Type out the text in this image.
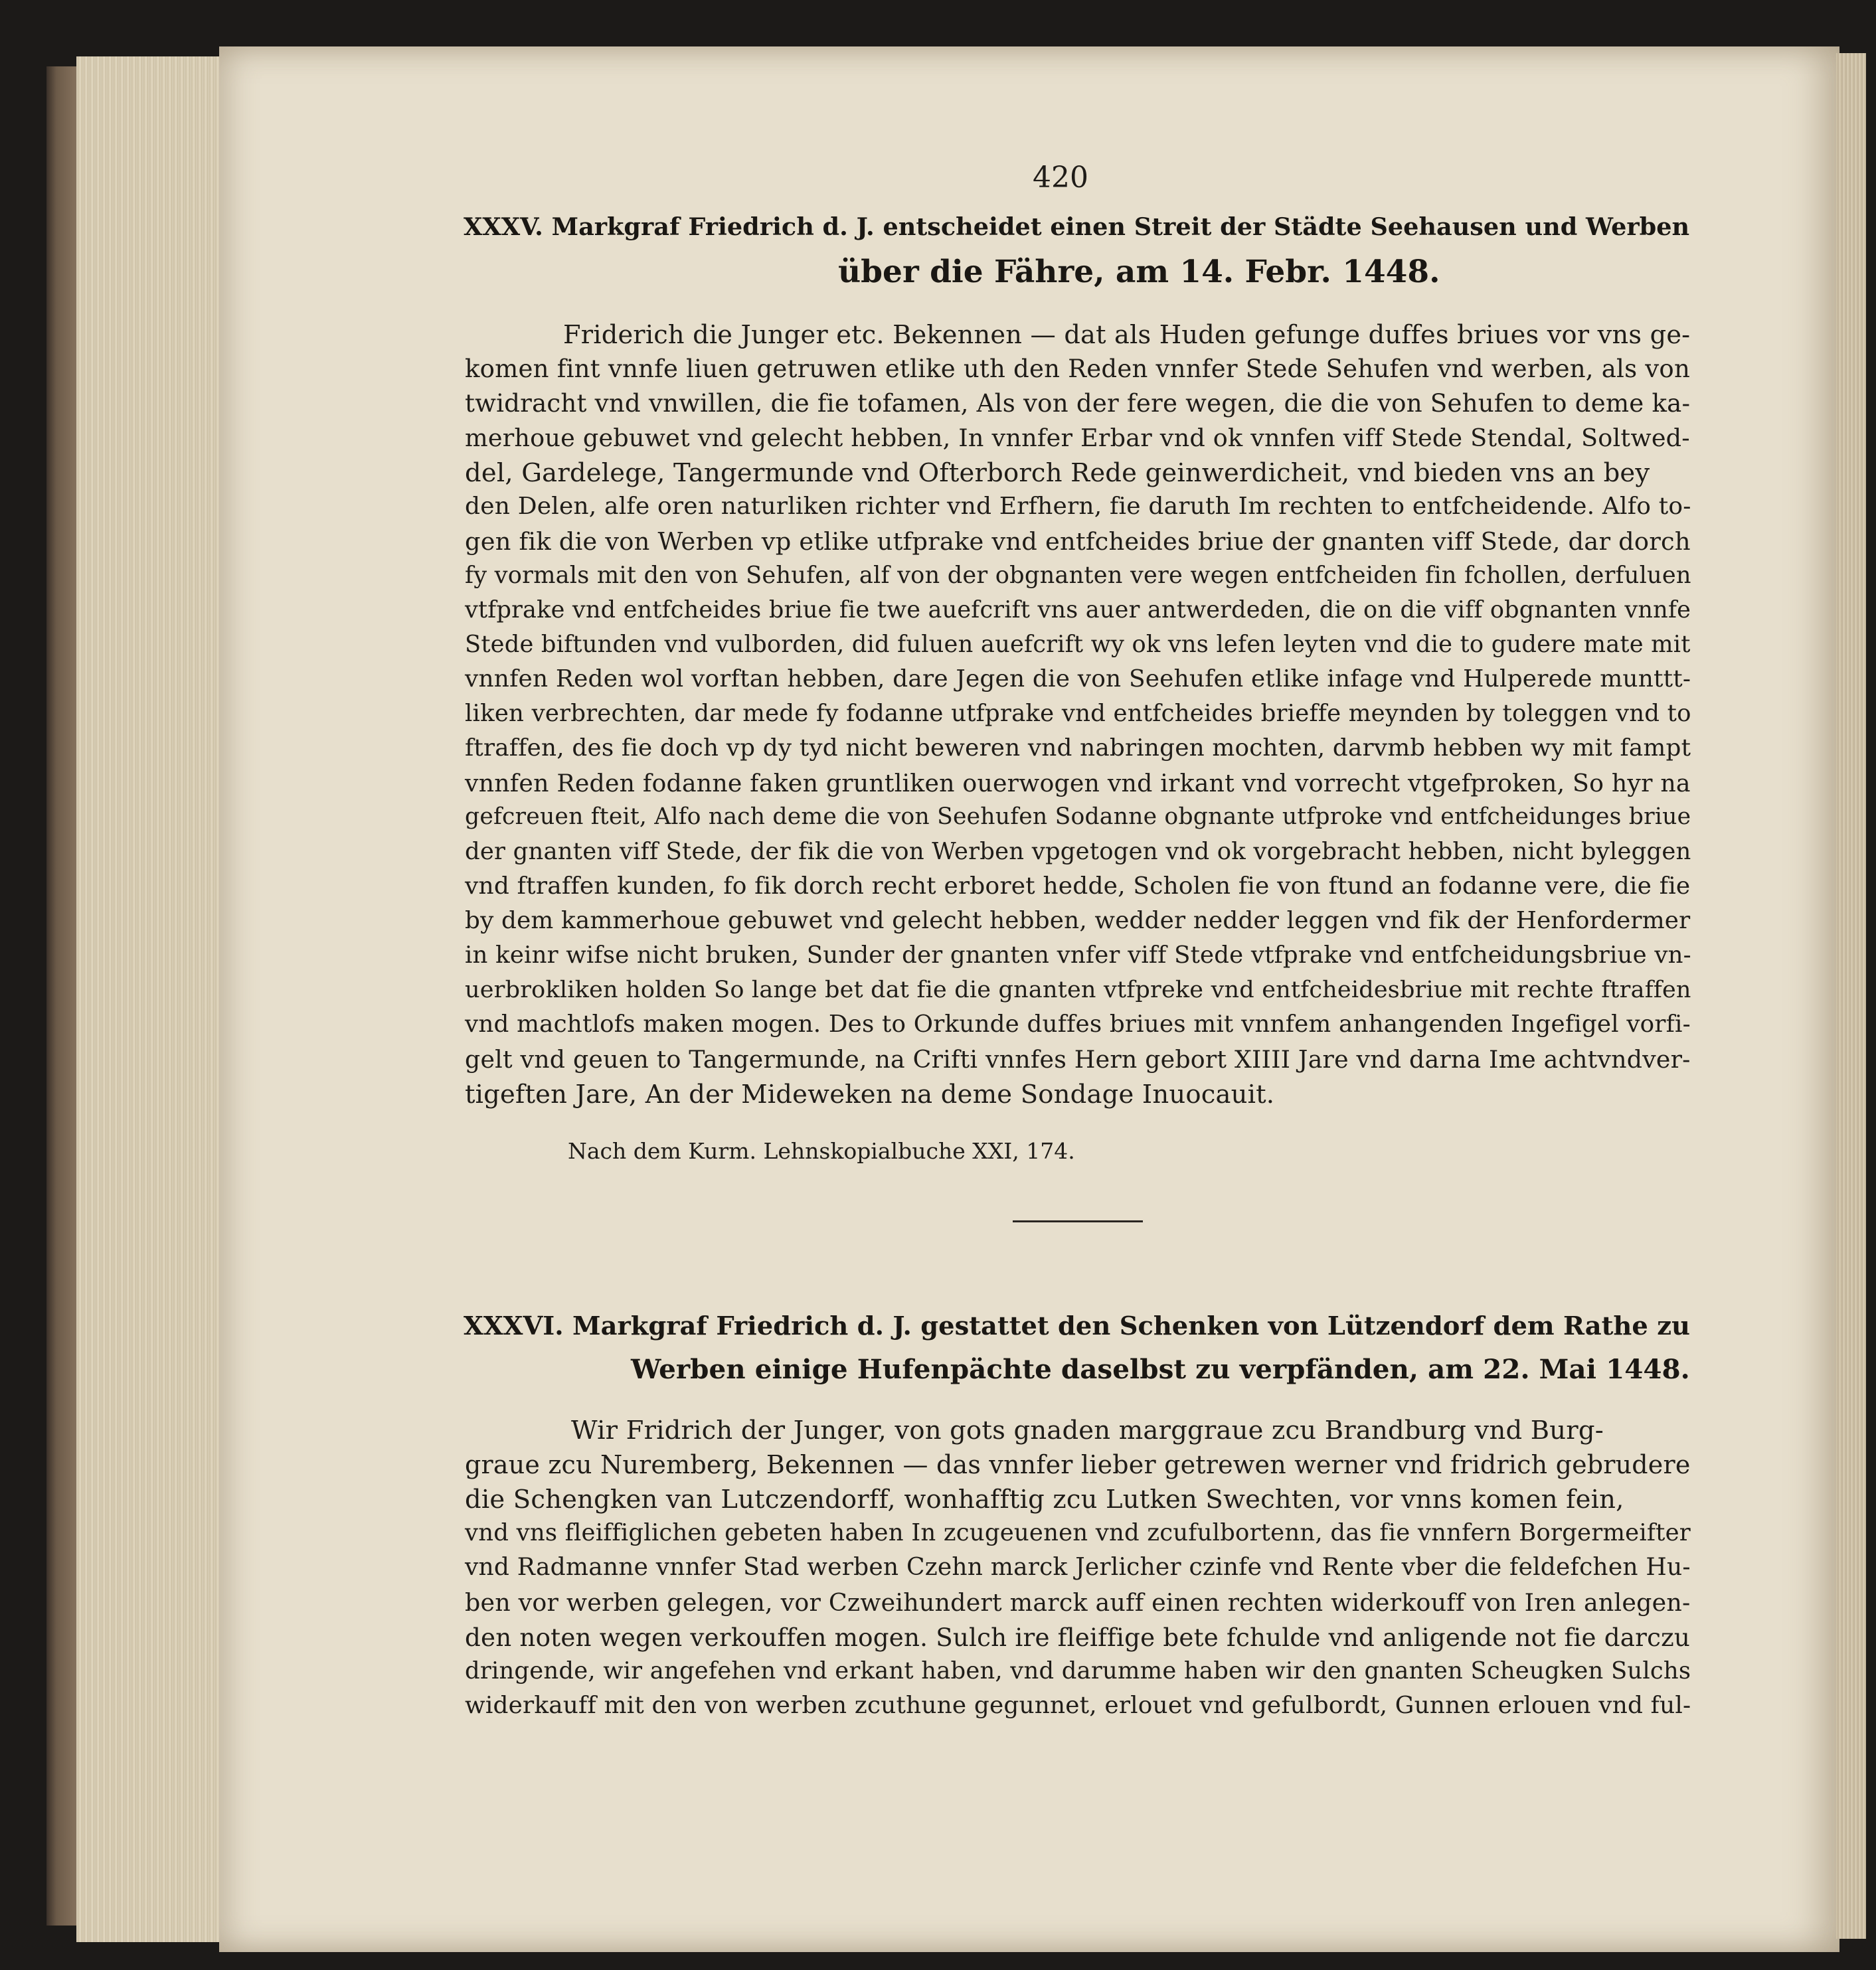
420
XXXV. Markgraf Friedrich d. J. entscheidet einen Streit der Städte Seehausen und Werben
über die Fähre, am 14. Febr. 1448.
Friderich die Junger etc. Bekennen — dat als Huden gefunge duffes briues vor vns ge-
komen fint vnnfe liuen getruwen etlike uth den Reden vnnfer Stede Sehufen vnd werben, als von
twidracht vnd vnwillen, die fie tofamen, Als von der fere wegen, die die von Sehufen to deme ka-
merhoue gebuwet vnd gelecht hebben, In vnnfer Erbar vnd ok vnnfen viff Stede Stendal, Soltwed-
del, Gardelege, Tangermunde vnd Ofterborch Rede geinwerdicheit, vnd bieden vns an bey
den Delen, alfe oren naturliken richter vnd Erfhern, fie daruth Im rechten to entfcheidende. Alfo to-
gen fik die von Werben vp etlike utfprake vnd entfcheides briue der gnanten viff Stede, dar dorch
fy vormals mit den von Sehufen, alf von der obgnanten vere wegen entfcheiden fin fchollen, derfuluen
vtfprake vnd entfcheides briue fie twe auefcrift vns auer antwerdeden, die on die viff obgnanten vnnfe
Stede biftunden vnd vulborden, did fuluen auefcrift wy ok vns lefen leyten vnd die to gudere mate mit
vnnfen Reden wol vorftan hebben, dare Jegen die von Seehufen etlike infage vnd Hulperede munttt-
liken verbrechten, dar mede fy fodanne utfprake vnd entfcheides brieffe meynden by toleggen vnd to
ftraffen, des fie doch vp dy tyd nicht beweren vnd nabringen mochten, darvmb hebben wy mit fampt
vnnfen Reden fodanne faken gruntliken ouerwogen vnd irkant vnd vorrecht vtgefproken, So hyr na
gefcreuen fteit, Alfo nach deme die von Seehufen Sodanne obgnante utfproke vnd entfcheidunges briue
der gnanten viff Stede, der fik die von Werben vpgetogen vnd ok vorgebracht hebben, nicht byleggen
vnd ftraffen kunden, fo fik dorch recht erboret hedde, Scholen fie von ftund an fodanne vere, die fie
by dem kammerhoue gebuwet vnd gelecht hebben, wedder nedder leggen vnd fik der Henfordermer
in keinr wifse nicht bruken, Sunder der gnanten vnfer viff Stede vtfprake vnd entfcheidungsbriue vn-
uerbrokliken holden So lange bet dat fie die gnanten vtfpreke vnd entfcheidesbriue mit rechte ftraffen
vnd machtlofs maken mogen. Des to Orkunde duffes briues mit vnnfem anhangenden Ingefigel vorfi-
gelt vnd geuen to Tangermunde, na Crifti vnnfes Hern gebort XIIII Jare vnd darna Ime achtvndver-
tigeften Jare, An der Mideweken na deme Sondage Inuocauit.
Nach dem Kurm. Lehnskopialbuche XXI, 174.
XXXVI. Markgraf Friedrich d. J. gestattet den Schenken von Lützendorf dem Rathe zu
Werben einige Hufenpächte daselbst zu verpfänden, am 22. Mai 1448.
Wir Fridrich der Junger, von gots gnaden marggraue zcu Brandburg vnd Burg-
graue zcu Nuremberg, Bekennen — das vnnfer lieber getrewen werner vnd fridrich gebrudere
die Schengken van Lutczendorff, wonhafftig zcu Lutken Swechten, vor vnns komen fein,
vnd vns fleiffiglichen gebeten haben In zcugeuenen vnd zcufulbortenn, das fie vnnfern Borgermeifter
vnd Radmanne vnnfer Stad werben Czehn marck Jerlicher czinfe vnd Rente vber die feldefchen Hu-
ben vor werben gelegen, vor Czweihundert marck auff einen rechten widerkouff von Iren anlegen-
den noten wegen verkouffen mogen. Sulch ire fleiffige bete fchulde vnd anligende not fie darczu
dringende, wir angefehen vnd erkant haben, vnd darumme haben wir den gnanten Scheugken Sulchs
widerkauff mit den von werben zcuthune gegunnet, erlouet vnd gefulbordt, Gunnen erlouen vnd ful-
